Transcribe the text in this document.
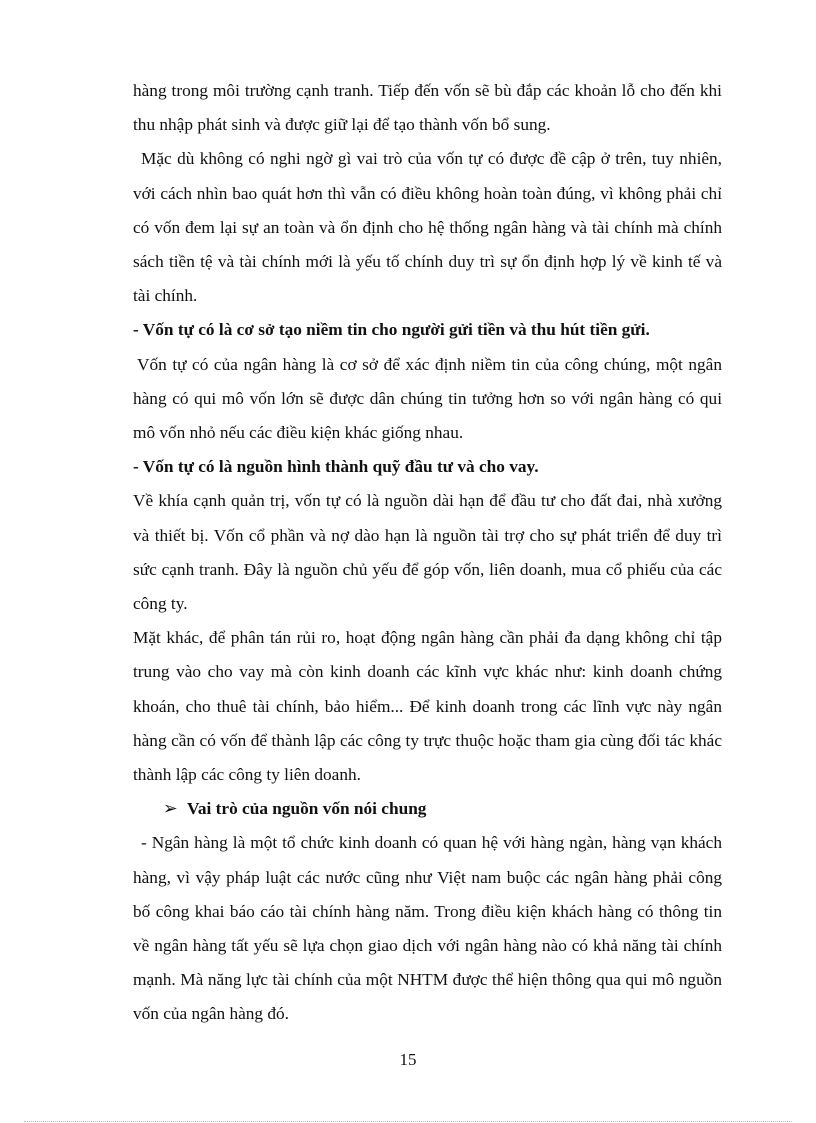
hàng trong môi trường cạnh tranh. Tiếp đến vốn sẽ bù đắp các khoản lỗ cho đến khi thu nhập phát sinh và được giữ lại để tạo thành vốn bổ sung.

Mặc dù không có nghi ngờ gì vai trò của vốn tự có được đề cập ở trên, tuy nhiên, với cách nhìn bao quát hơn thì vẫn có điều không hoàn toàn đúng, vì không phải chỉ có vốn đem lại sự an toàn và ổn định cho hệ thống ngân hàng và tài chính mà chính sách tiền tệ và tài chính mới là yếu tố chính duy trì sự ổn định hợp lý về kinh tế và tài chính.

- Vốn tự có là cơ sở tạo niềm tin cho người gửi tiền và thu hút tiền gửi.

Vốn tự có của ngân hàng là cơ sở để xác định niềm tin của công chúng, một ngân hàng có qui mô vốn lớn sẽ được dân chúng tin tưởng hơn so với ngân hàng có qui mô vốn nhỏ nếu các điều kiện khác giống nhau.

- Vốn tự có là nguồn hình thành quỹ đầu tư và cho vay.

Về khía cạnh quản trị, vốn tự có là nguồn dài hạn để đầu tư cho đất đai, nhà xưởng và thiết bị. Vốn cổ phần và nợ dào hạn là nguồn tài trợ cho sự phát triển để duy trì sức cạnh tranh. Đây là nguồn chủ yếu để góp vốn, liên doanh, mua cổ phiếu của các công ty.

Mặt khác, để phân tán rủi ro, hoạt động ngân hàng cần phải đa dạng không chỉ tập trung vào cho vay mà còn kinh doanh các kĩnh vực khác như: kinh doanh chứng khoán, cho thuê tài chính, bảo hiểm... Để kinh doanh trong các lĩnh vực này ngân hàng cần có vốn để thành lập các công ty trực thuộc hoặc tham gia cùng đối tác khác thành lập các công ty liên doanh.

➢ Vai trò của nguồn vốn nói chung

- Ngân hàng là một tổ chức kinh doanh có quan hệ với hàng ngàn, hàng vạn khách hàng, vì vậy pháp luật các nước cũng như Việt nam buộc các ngân hàng phải công bố công khai báo cáo tài chính hàng năm. Trong điều kiện khách hàng có thông tin về ngân hàng tất yếu sẽ lựa chọn giao dịch với ngân hàng nào có khả năng tài chính mạnh. Mà năng lực tài chính của một NHTM được thể hiện thông qua qui mô nguồn vốn của ngân hàng đó.

15
